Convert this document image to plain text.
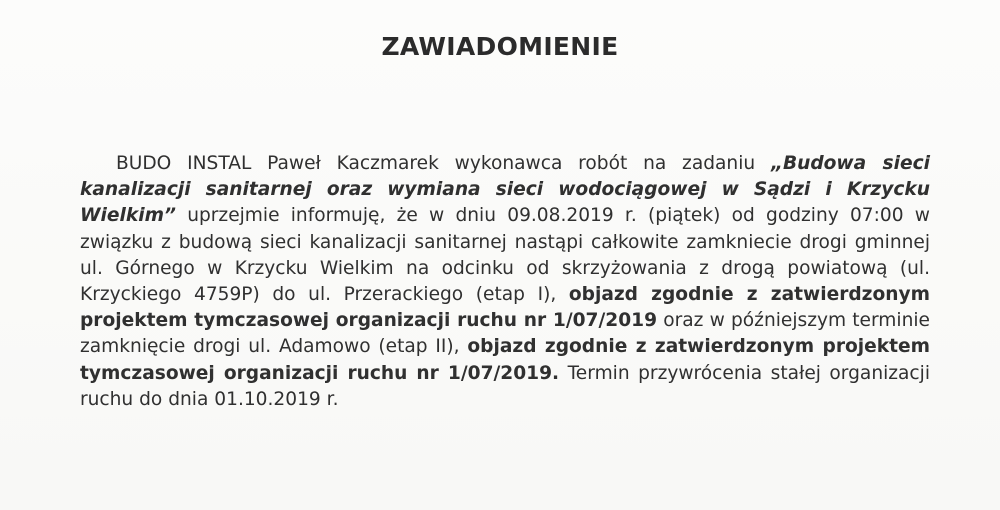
ZAWIADOMIENIE

BUDO INSTAL Paweł Kaczmarek wykonawca robót na zadaniu „Budowa sieci kanalizacji sanitarnej oraz wymiana sieci wodociągowej w Sądzi i Krzycku Wielkim” uprzejmie informuję, że w dniu 09.08.2019 r. (piątek) od godziny 07:00 w związku z budową sieci kanalizacji sanitarnej nastąpi całkowite zamkniecie drogi gminnej ul. Górnego w Krzycku Wielkim na odcinku od skrzyżowania z drogą powiatową (ul. Krzyckiego 4759P) do ul. Przerackiego (etap I), objazd zgodnie z zatwierdzonym projektem tymczasowej organizacji ruchu nr 1/07/2019 oraz w późniejszym terminie zamknięcie drogi ul. Adamowo (etap II), objazd zgodnie z zatwierdzonym projektem tymczasowej organizacji ruchu nr 1/07/2019. Termin przywrócenia stałej organizacji ruchu do dnia 01.10.2019 r.
